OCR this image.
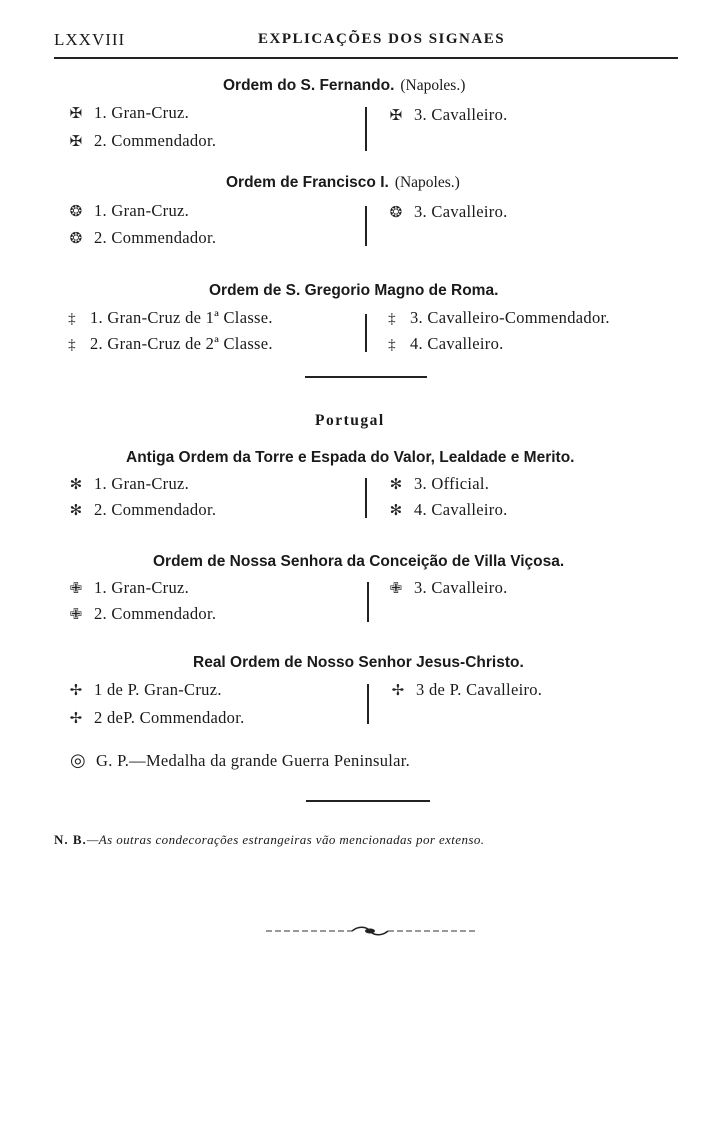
LXXVIII	EXPLICAÇÕES DOS SIGNAES
Ordem do S. Fernando. (Napoles.)
✠ 1. Gran-Cruz.
✠ 2. Commendador.
✠ 3. Cavalleiro.
Ordem de Francisco I. (Napoles.)
❂ 1. Gran-Cruz.
❂ 2. Commendador.
❂ 3. Cavalleiro.
Ordem de S. Gregorio Magno de Roma.
‡ 1. Gran-Cruz de 1ª Classe.
‡ 2. Gran-Cruz de 2ª Classe.
‡ 3. Cavalleiro-Commendador.
‡ 4. Cavalleiro.
Portugal
Antiga Ordem da Torre e Espada do Valor, Lealdade e Merito.
✻ 1. Gran-Cruz.
✻ 2. Commendador.
✻ 3. Official.
✻ 4. Cavalleiro.
Ordem de Nossa Senhora da Conceição de Villa Viçosa.
✙ 1. Gran-Cruz.
✙ 2. Commendador.
✙ 3. Cavalleiro.
Real Ordem de Nosso Senhor Jesus-Christo.
✢ 1 de P. Gran-Cruz.
✢ 2 deP. Commendador.
✢ 3 de P. Cavalleiro.
◎ G. P.—Medalha da grande Guerra Peninsular.
N. B.—As outras condecorações estrangeiras vão mencionadas por extenso.
